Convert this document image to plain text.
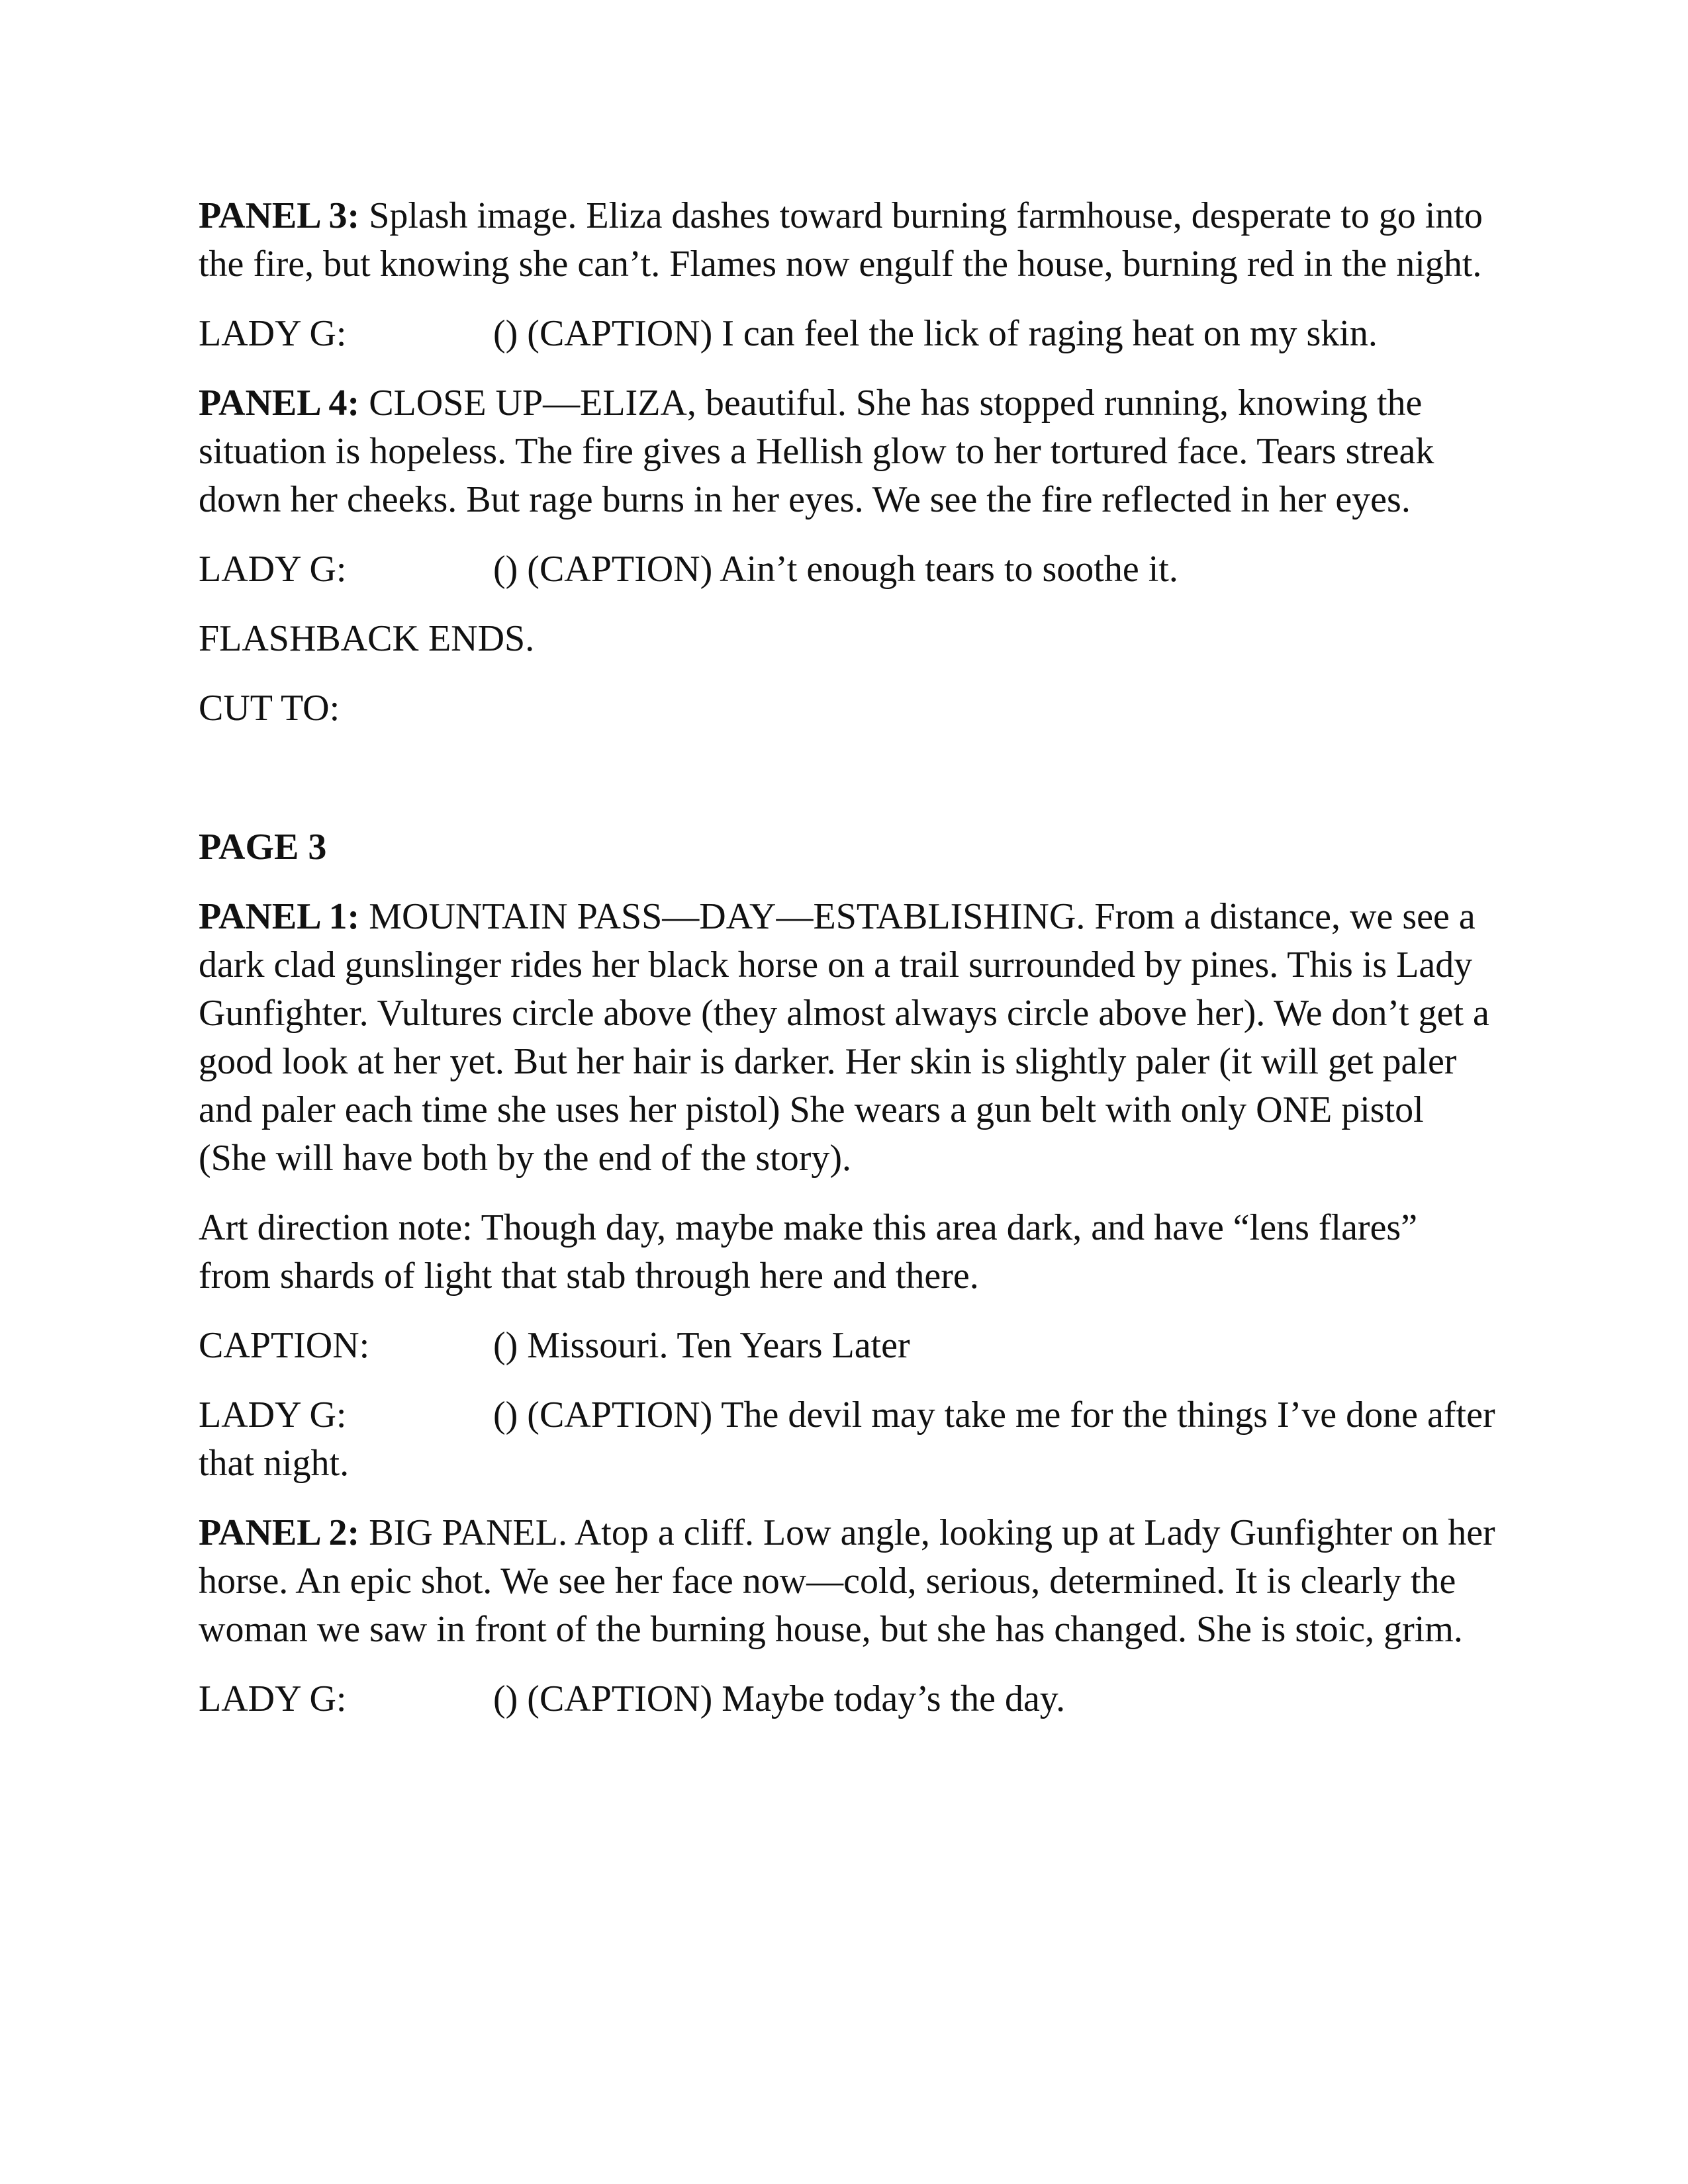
PANEL 3: Splash image. Eliza dashes toward burning farmhouse, desperate to go into the fire, but knowing she can’t. Flames now engulf the house, burning red in the night.

LADY G:	() (CAPTION) I can feel the lick of raging heat on my skin.

PANEL 4: CLOSE UP—ELIZA, beautiful. She has stopped running, knowing the situation is hopeless. The fire gives a Hellish glow to her tortured face. Tears streak down her cheeks. But rage burns in her eyes. We see the fire reflected in her eyes.

LADY G:	() (CAPTION) Ain’t enough tears to soothe it.

FLASHBACK ENDS.

CUT TO:

PAGE 3

PANEL 1: MOUNTAIN PASS—DAY—ESTABLISHING. From a distance, we see a dark clad gunslinger rides her black horse on a trail surrounded by pines. This is Lady Gunfighter. Vultures circle above (they almost always circle above her). We don’t get a good look at her yet. But her hair is darker. Her skin is slightly paler (it will get paler and paler each time she uses her pistol) She wears a gun belt with only ONE pistol (She will have both by the end of the story).

Art direction note: Though day, maybe make this area dark, and have “lens flares” from shards of light that stab through here and there.

CAPTION:	() Missouri. Ten Years Later

LADY G:	() (CAPTION) The devil may take me for the things I’ve done after that night.

PANEL 2: BIG PANEL. Atop a cliff. Low angle, looking up at Lady Gunfighter on her horse. An epic shot. We see her face now—cold, serious, determined. It is clearly the woman we saw in front of the burning house, but she has changed. She is stoic, grim.

LADY G:	() (CAPTION) Maybe today’s the day.
